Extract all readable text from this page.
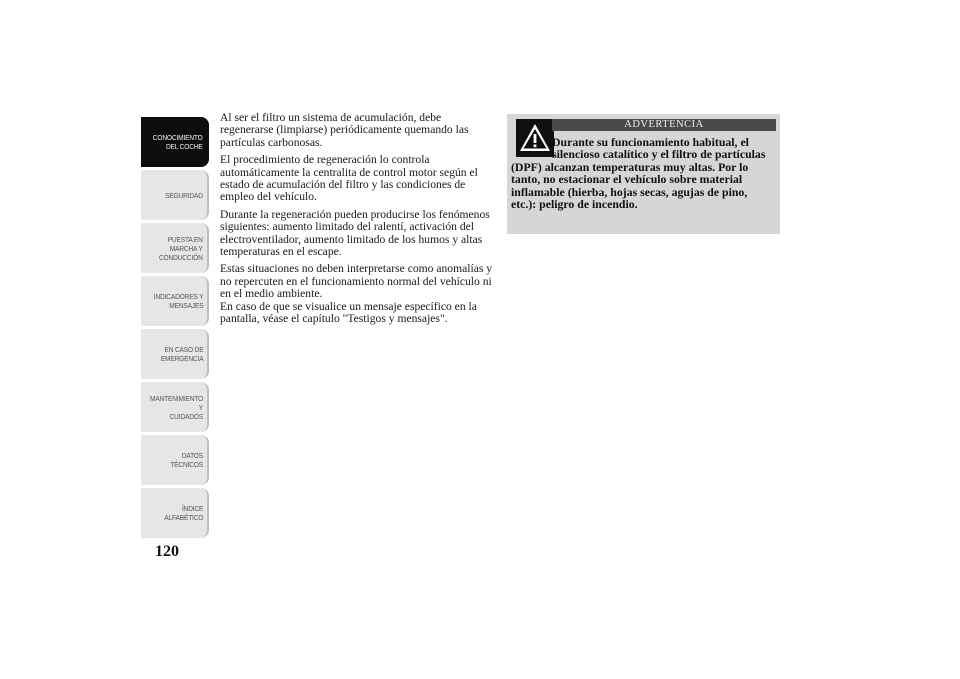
CONOCIMIENTO
DEL COCHE
SEGURIDAD
PUESTA EN
MARCHA Y
CONDUCCIÓN
INDICADORES Y
MENSAJES
EN CASO DE
EMERGENCIA
MANTENIMIENTO Y
CUIDADOS
DATOS TÉCNICOS
ÍNDICE
ALFABÉTICO
120

Al ser el filtro un sistema de acumulación, debe regenerarse (limpiarse) periódicamente quemando las partículas carbonosas.

El procedimiento de regeneración lo controla automáticamente la centralita de control motor según el estado de acumulación del filtro y las condiciones de empleo del vehículo.

Durante la regeneración pueden producirse los fenómenos siguientes: aumento limitado del ralentí, activación del electroventilador, aumento limitado de los humos y altas temperaturas en el escape.

Estas situaciones no deben interpretarse como anomalías y no repercuten en el funcionamiento normal del vehículo ni en el medio ambiente.

En caso de que se visualice un mensaje específico en la pantalla, véase el capítulo "Testigos y mensajes".

ADVERTENCIA
Durante su funcionamiento habitual, el silencioso catalítico y el filtro de partículas (DPF) alcanzan temperaturas muy altas. Por lo tanto, no estacionar el vehículo sobre material inflamable (hierba, hojas secas, agujas de pino, etc.): peligro de incendio.
